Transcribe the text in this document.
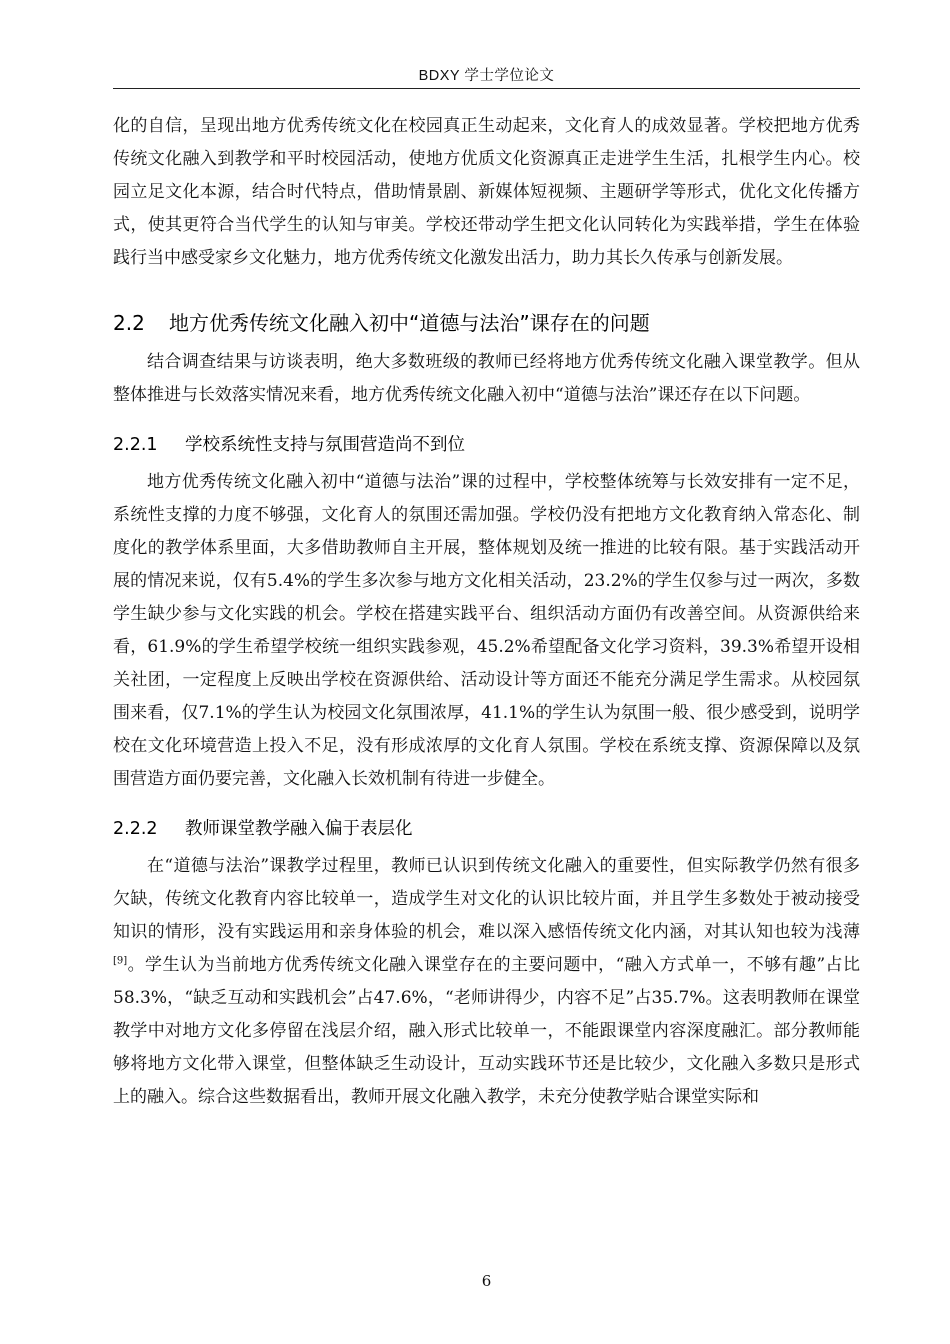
BDXY 学士学位论文

化的自信，呈现出地方优秀传统文化在校园真正生动起来，文化育人的成效显著。学校把地方优秀传统文化融入到教学和平时校园活动，使地方优质文化资源真正走进学生生活，扎根学生内心。校园立足文化本源，结合时代特点，借助情景剧、新媒体短视频、主题研学等形式，优化文化传播方式，使其更符合当代学生的认知与审美。学校还带动学生把文化认同转化为实践举措，学生在体验践行当中感受家乡文化魅力，地方优秀传统文化激发出活力，助力其长久传承与创新发展。

2.2 地方优秀传统文化融入初中“道德与法治”课存在的问题

结合调查结果与访谈表明，绝大多数班级的教师已经将地方优秀传统文化融入课堂教学。但从整体推进与长效落实情况来看，地方优秀传统文化融入初中“道德与法治”课还存在以下问题。

2.2.1 学校系统性支持与氛围营造尚不到位

地方优秀传统文化融入初中“道德与法治”课的过程中，学校整体统筹与长效安排有一定不足，系统性支撑的力度不够强，文化育人的氛围还需加强。学校仍没有把地方文化教育纳入常态化、制度化的教学体系里面，大多借助教师自主开展，整体规划及统一推进的比较有限。基于实践活动开展的情况来说，仅有5.4%的学生多次参与地方文化相关活动，23.2%的学生仅参与过一两次，多数学生缺少参与文化实践的机会。学校在搭建实践平台、组织活动方面仍有改善空间。从资源供给来看，61.9%的学生希望学校统一组织实践参观，45.2%希望配备文化学习资料，39.3%希望开设相关社团，一定程度上反映出学校在资源供给、活动设计等方面还不能充分满足学生需求。从校园氛围来看，仅7.1%的学生认为校园文化氛围浓厚，41.1%的学生认为氛围一般、很少感受到，说明学校在文化环境营造上投入不足，没有形成浓厚的文化育人氛围。学校在系统支撑、资源保障以及氛围营造方面仍要完善，文化融入长效机制有待进一步健全。

2.2.2 教师课堂教学融入偏于表层化

在“道德与法治”课教学过程里，教师已认识到传统文化融入的重要性，但实际教学仍然有很多欠缺，传统文化教育内容比较单一，造成学生对文化的认识比较片面，并且学生多数处于被动接受知识的情形，没有实践运用和亲身体验的机会，难以深入感悟传统文化内涵，对其认知也较为浅薄[9]。学生认为当前地方优秀传统文化融入课堂存在的主要问题中，“融入方式单一，不够有趣”占比58.3%，“缺乏互动和实践机会”占47.6%，“老师讲得少，内容不足”占35.7%。这表明教师在课堂教学中对地方文化多停留在浅层介绍，融入形式比较单一，不能跟课堂内容深度融汇。部分教师能够将地方文化带入课堂，但整体缺乏生动设计，互动实践环节还是比较少，文化融入多数只是形式上的融入。综合这些数据看出，教师开展文化融入教学，未充分使教学贴合课堂实际和

6
